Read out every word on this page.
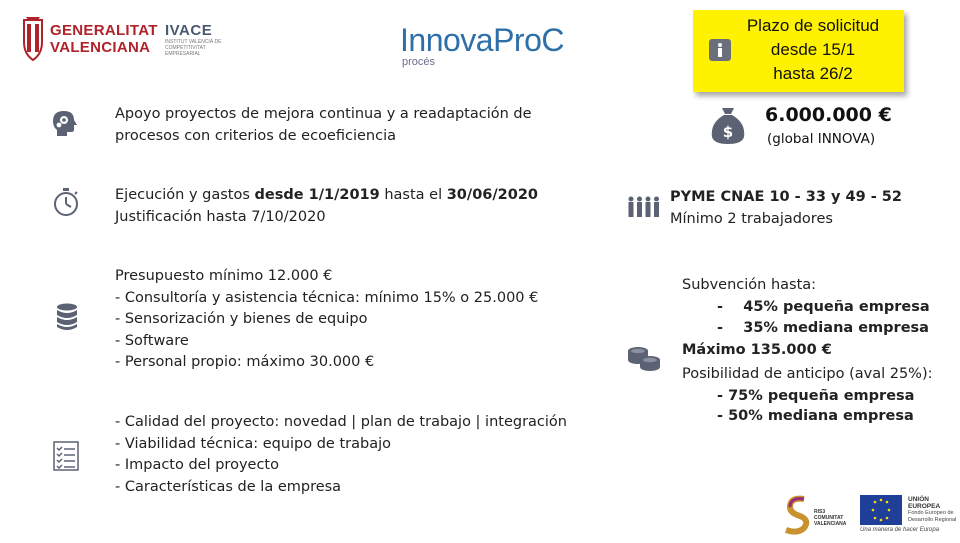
GENERALITAT
VALENCIANA
IVACE
INSTITUT VALENCIÀ DE COMPETITIVITAT EMPRESARIAL	InnovaProC
procés
Plazo de solicitud
desde 15/1
hasta 26/2
Apoyo proyectos de mejora continua y a readaptación de
procesos con criterios de ecoeficiencia
Ejecución y gastos desde 1/1/2019 hasta el 30/06/2020
Justificación hasta 7/10/2020
Presupuesto mínimo 12.000 €
- Consultoría y asistencia técnica: mínimo 15% o 25.000 €
- Sensorización y bienes de equipo
- Software
- Personal propio: máximo 30.000 €
- Calidad del proyecto: novedad | plan de trabajo | integración
- Viabilidad técnica: equipo de trabajo
- Impacto del proyecto
- Características de la empresa
$
6.000.000 €
(global INNOVA)
PYME CNAE 10 - 33 y 49 - 52
Mínimo 2 trabajadores
Subvención hasta:
-    45% pequeña empresa
-    35% mediana empresa
Máximo 135.000 €
Posibilidad de anticipo (aval 25%):
- 75% pequeña empresa
- 50% mediana empresa
RIS3
COMUNITAT
VALENCIANA
UNIÓN EUROPEA
Fondo Europeo de Desarrollo Regional
Una manera de hacer Europa
